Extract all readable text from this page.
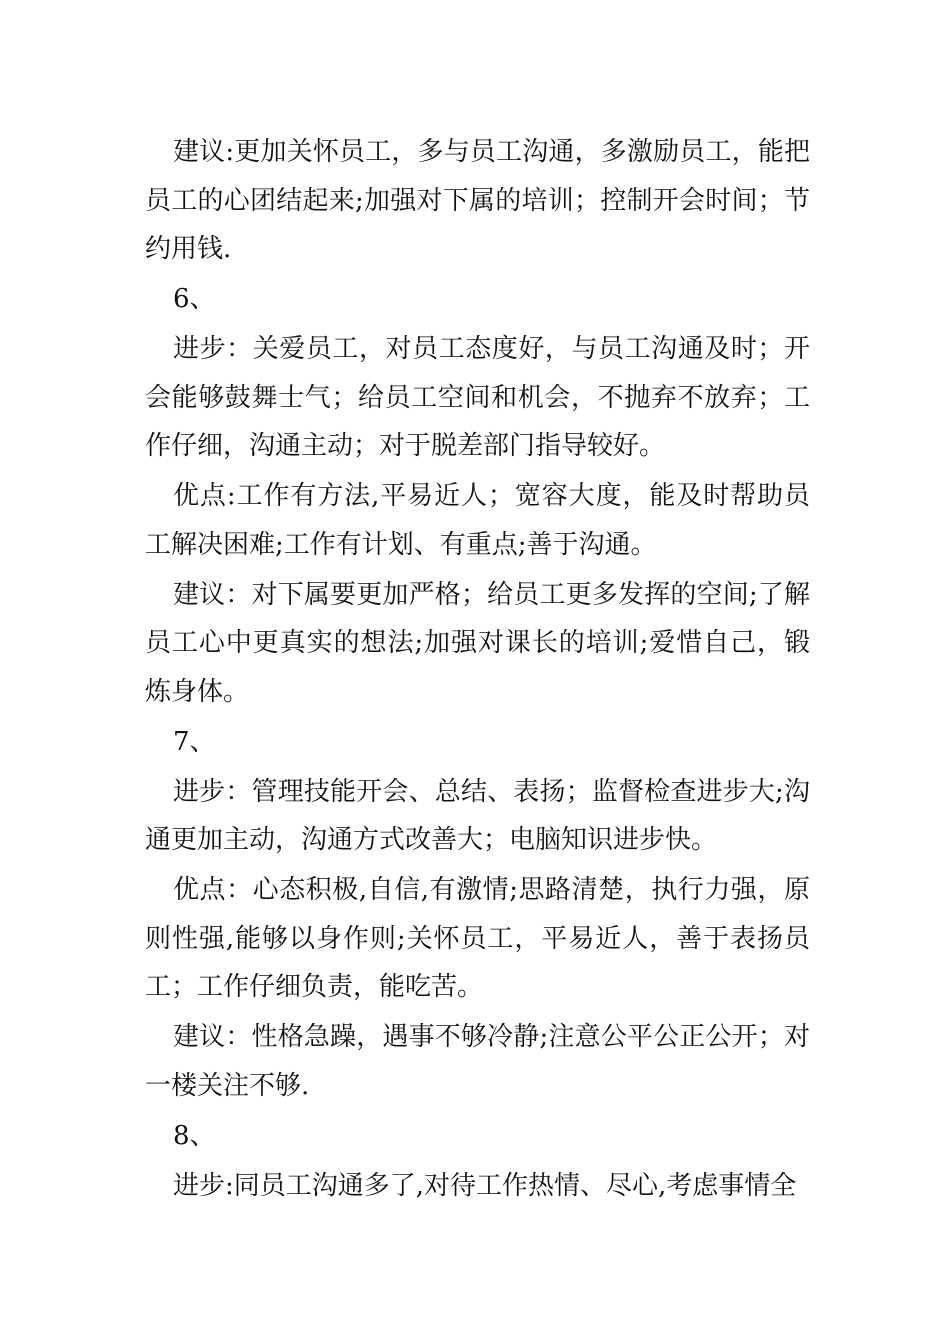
建议:更加关怀员工，多与员工沟通，多激励员工，能把员工的心团结起来;加强对下属的培训；控制开会时间；节约用钱.

6、

进步：关爱员工，对员工态度好，与员工沟通及时；开会能够鼓舞士气；给员工空间和机会，不抛弃不放弃；工作仔细，沟通主动；对于脱差部门指导较好。

优点:工作有方法,平易近人；宽容大度，能及时帮助员工解决困难;工作有计划、有重点;善于沟通。

建议：对下属要更加严格；给员工更多发挥的空间;了解员工心中更真实的想法;加强对课长的培训;爱惜自己，锻炼身体。

7、

进步：管理技能开会、总结、表扬；监督检查进步大;沟通更加主动，沟通方式改善大；电脑知识进步快。

优点：心态积极,自信,有激情;思路清楚，执行力强，原则性强,能够以身作则;关怀员工，平易近人，善于表扬员工；工作仔细负责，能吃苦。

建议：性格急躁，遇事不够冷静;注意公平公正公开；对一楼关注不够.

8、

进步:同员工沟通多了,对待工作热情、尽心,考虑事情全
